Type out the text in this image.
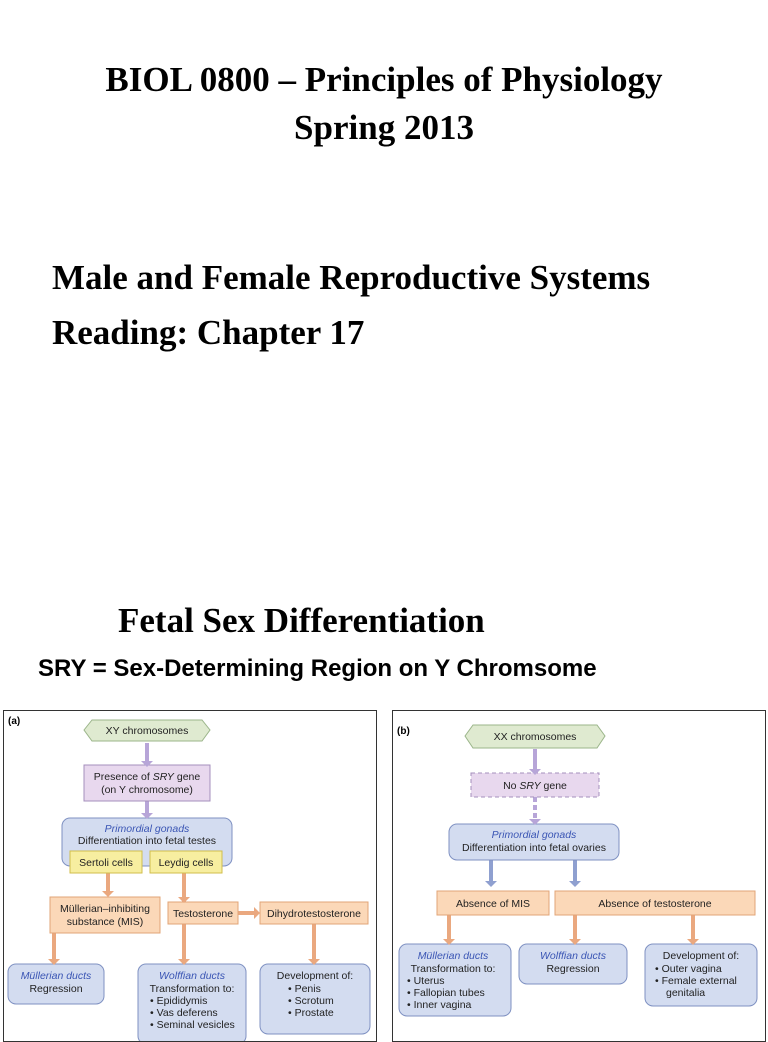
BIOL 0800 – Principles of Physiology
Spring 2013
Male and Female Reproductive Systems
Reading: Chapter 17
Fetal Sex Differentiation
SRY = Sex-Determining Region on Y Chromsome
(a)
XY chromosomes
Presence of SRY gene
(on Y chromosome)
Primordial gonads
Differentiation into fetal testes
Sertoli cells Leydig cells
Müllerian–inhibiting
substance (MIS)
Testosterone	Dihydrotestosterone
Müllerian ducts
Regression
Wolffian ducts
Transformation to:
• Epididymis
• Vas deferens
• Seminal vesicles
Development of:
• Penis
• Scrotum
• Prostate
(b)	XX chromosomes
No SRY gene
Primordial gonads
Differentiation into fetal ovaries
Absence of MIS	Absence of testosterone
Müllerian ducts
Transformation to:
• Uterus
• Fallopian tubes
• Inner vagina
Wolffian ducts
Regression
Development of:
• Outer vagina
• Female external
genitalia
